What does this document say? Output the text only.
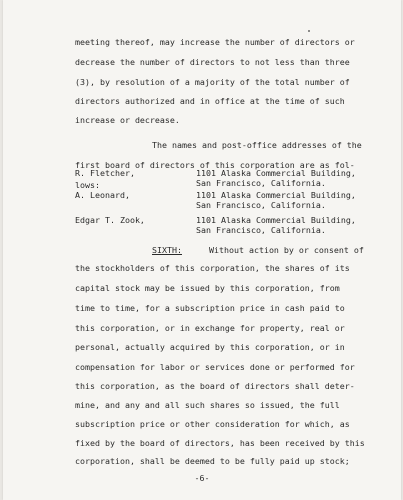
meeting thereof, may increase the number of directors or
decrease the number of directors to not less than three
(3), by resolution of a majority of the total number of
directors authorized and in office at the time of such
increase or decrease.
The names and post-office addresses of the
first board of directors of this corporation are as fol-
lows:
R. Fletcher,	1101 Alaska Commercial Building,
San Francisco, California.
A. Leonard,	1101 Alaska Commercial Building,
San Francisco, California.
Edgar T. Zook,	1101 Alaska Commercial Building,
San Francisco, California.
SIXTH:	Without action by or consent of
the stockholders of this corporation, the shares of its
capital stock may be issued by this corporation, from
time to time, for a subscription price in cash paid to
this corporation, or in exchange for property, real or
personal, actually acquired by this corporation, or in
compensation for labor or services done or performed for
this corporation, as the board of directors shall deter-
mine, and any and all such shares so issued, the full
subscription price or other consideration for which, as
fixed by the board of directors, has been received by this
corporation, shall be deemed to be fully paid up stock;
-6-
